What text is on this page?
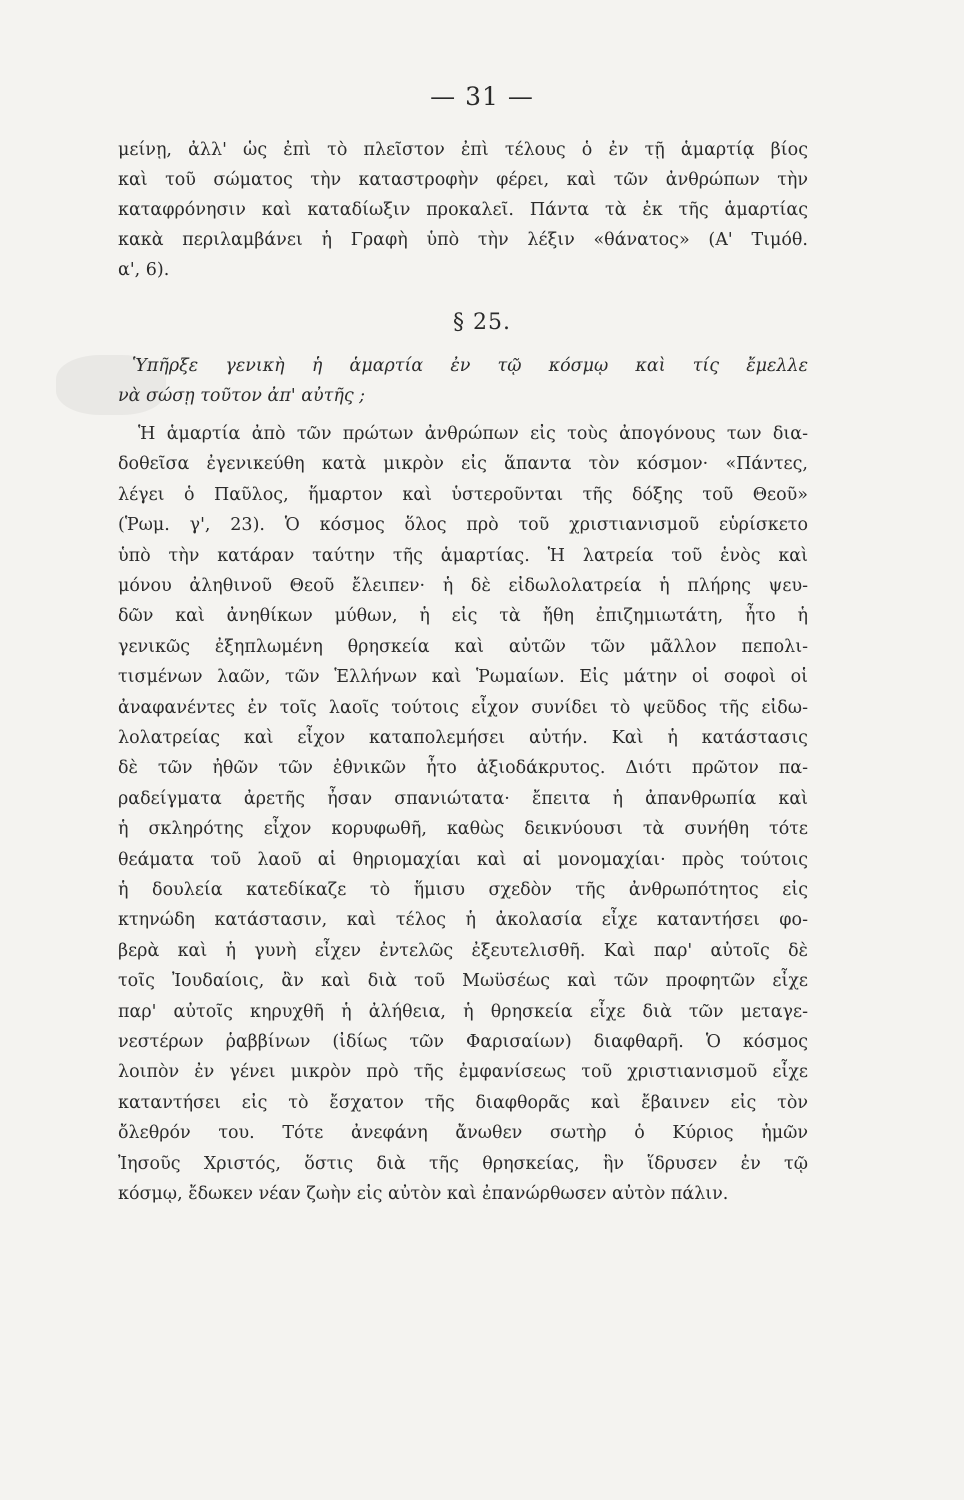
— 31 —
μείνῃ, ἀλλ' ὡς ἐπὶ τὸ πλεῖστον ἐπὶ τέλους ὁ ἐν τῇ ἁμαρτίᾳ βίος
καὶ τοῦ σώματος τὴν καταστροφὴν φέρει, καὶ τῶν ἀνθρώπων τὴν
καταφρόνησιν καὶ καταδίωξιν προκαλεῖ. Πάντα τὰ ἐκ τῆς ἁμαρτίας
κακὰ περιλαμβάνει ἡ Γραφὴ ὑπὸ τὴν λέξιν «θάνατος» (Α' Τιμόθ.
α', 6).
§ 25.
Ὑπῆρξε γενικὴ ἡ ἁμαρτία ἐν τῷ κόσμῳ καὶ τίς ἔμελλε
νὰ σώσῃ τοῦτον ἀπ' αὐτῆς ;
Ἡ ἁμαρτία ἀπὸ τῶν πρώτων ἀνθρώπων εἰς τοὺς ἀπογόνους των δια-
δοθεῖσα ἐγενικεύθη κατὰ μικρὸν εἰς ἅπαντα τὸν κόσμον· «Πάντες,
λέγει ὁ Παῦλος, ἥμαρτον καὶ ὑστεροῦνται τῆς δόξης τοῦ Θεοῦ»
(Ῥωμ. γ', 23). Ὁ κόσμος ὅλος πρὸ τοῦ χριστιανισμοῦ εὑρίσκετο
ὑπὸ τὴν κατάραν ταύτην τῆς ἁμαρτίας. Ἡ λατρεία τοῦ ἑνὸς καὶ
μόνου ἀληθινοῦ Θεοῦ ἔλειπεν· ἡ δὲ εἰδωλολατρεία ἡ πλήρης ψευ-
δῶν καὶ ἀνηθίκων μύθων, ἡ εἰς τὰ ἤθη ἐπιζημιωτάτη, ἦτο ἡ
γενικῶς ἐξηπλωμένη θρησκεία καὶ αὐτῶν τῶν μᾶλλον πεπολι-
τισμένων λαῶν, τῶν Ἑλλήνων καὶ Ῥωμαίων. Εἰς μάτην οἱ σοφοὶ οἱ
ἀναφανέντες ἐν τοῖς λαοῖς τούτοις εἶχον συνίδει τὸ ψεῦδος τῆς εἰδω-
λολατρείας καὶ εἶχον καταπολεμήσει αὐτήν. Καὶ ἡ κατάστασις
δὲ τῶν ἠθῶν τῶν ἐθνικῶν ἦτο ἀξιοδάκρυτος. Διότι πρῶτον πα-
ραδείγματα ἀρετῆς ἦσαν σπανιώτατα· ἔπειτα ἡ ἀπανθρωπία καὶ
ἡ σκληρότης εἶχον κορυφωθῆ, καθὼς δεικνύουσι τὰ συνήθη τότε
θεάματα τοῦ λαοῦ αἱ θηριομαχίαι καὶ αἱ μονομαχίαι· πρὸς τούτοις
ἡ δουλεία κατεδίκαζε τὸ ἥμισυ σχεδὸν τῆς ἀνθρωπότητος εἰς
κτηνώδη κατάστασιν, καὶ τέλος ἡ ἀκολασία εἶχε καταντήσει φο-
βερὰ καὶ ἡ γυνὴ εἶχεν ἐντελῶς ἐξευτελισθῆ. Καὶ παρ' αὐτοῖς δὲ
τοῖς Ἰουδαίοις, ἂν καὶ διὰ τοῦ Μωϋσέως καὶ τῶν προφητῶν εἶχε
παρ' αὐτοῖς κηρυχθῆ ἡ ἀλήθεια, ἡ θρησκεία εἶχε διὰ τῶν μεταγε-
νεστέρων ῥαββίνων (ἰδίως τῶν Φαρισαίων) διαφθαρῆ. Ὁ κόσμος
λοιπὸν ἐν γένει μικρὸν πρὸ τῆς ἐμφανίσεως τοῦ χριστιανισμοῦ εἶχε
καταντήσει εἰς τὸ ἔσχατον τῆς διαφθορᾶς καὶ ἔβαινεν εἰς τὸν
ὄλεθρόν του. Τότε ἀνεφάνη ἄνωθεν σωτὴρ ὁ Κύριος ἡμῶν
Ἰησοῦς Χριστός, ὅστις διὰ τῆς θρησκείας, ἣν ἵδρυσεν ἐν τῷ
κόσμῳ, ἔδωκεν νέαν ζωὴν εἰς αὐτὸν καὶ ἐπανώρθωσεν αὐτὸν πάλιν.
